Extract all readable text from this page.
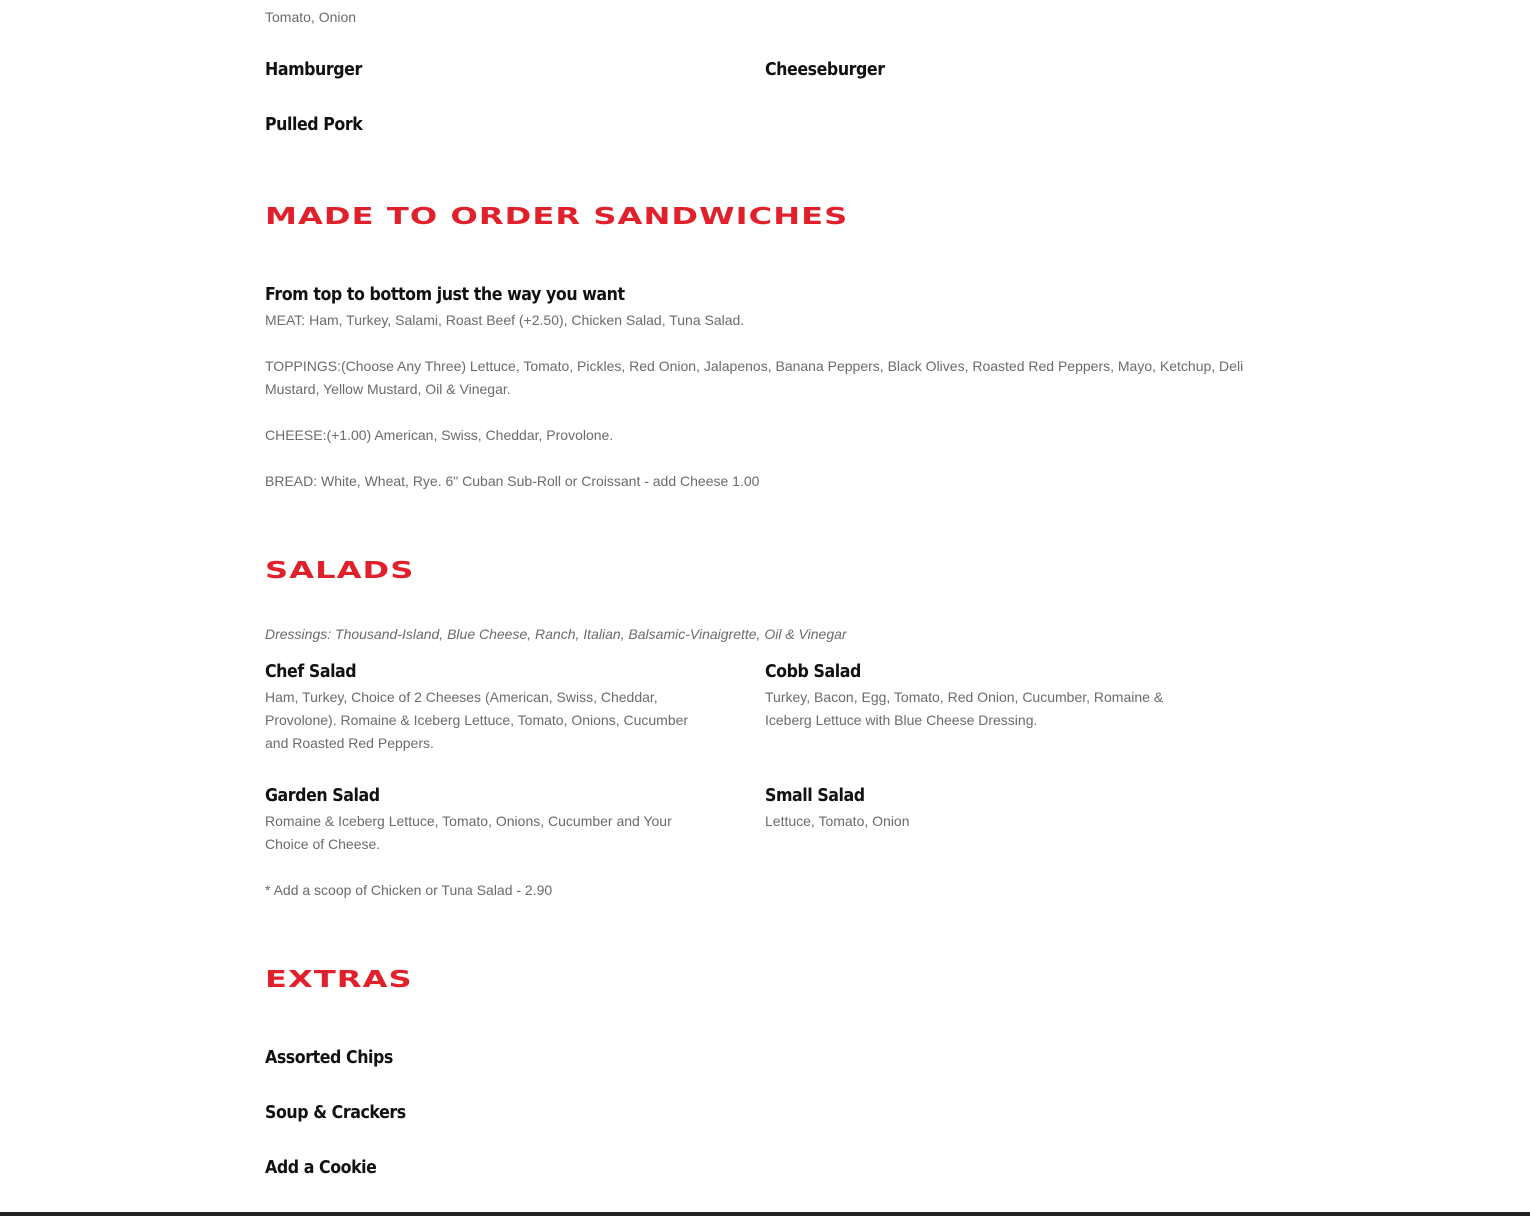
Tomato, Onion

Hamburger	Cheeseburger
Pulled Pork
MADE TO ORDER SANDWICHES
From top to bottom just the way you want

MEAT: Ham, Turkey, Salami, Roast Beef (+2.50), Chicken Salad, Tuna Salad.

TOPPINGS:(Choose Any Three) Lettuce, Tomato, Pickles, Red Onion, Jalapenos, Banana Peppers, Black Olives, Roasted Red Peppers, Mayo, Ketchup, Deli Mustard, Yellow Mustard, Oil & Vinegar.

CHEESE:(+1.00) American, Swiss, Cheddar, Provolone.

BREAD: White, Wheat, Rye. 6" Cuban Sub-Roll or Croissant - add Cheese 1.00

SALADS

Dressings: Thousand-Island, Blue Cheese, Ranch, Italian, Balsamic-Vinaigrette, Oil & Vinegar

Chef Salad

Ham, Turkey, Choice of 2 Cheeses (American, Swiss, Cheddar, Provolone). Romaine & Iceberg Lettuce, Tomato, Onions, Cucumber and Roasted Red Peppers.

Cobb Salad

Turkey, Bacon, Egg, Tomato, Red Onion, Cucumber, Romaine & Iceberg Lettuce with Blue Cheese Dressing.

Garden Salad

Romaine & Iceberg Lettuce, Tomato, Onions, Cucumber and Your Choice of Cheese.

Small Salad

Lettuce, Tomato, Onion

* Add a scoop of Chicken or Tuna Salad - 2.90

EXTRAS
Assorted Chips
Soup & Crackers
Add a Cookie
